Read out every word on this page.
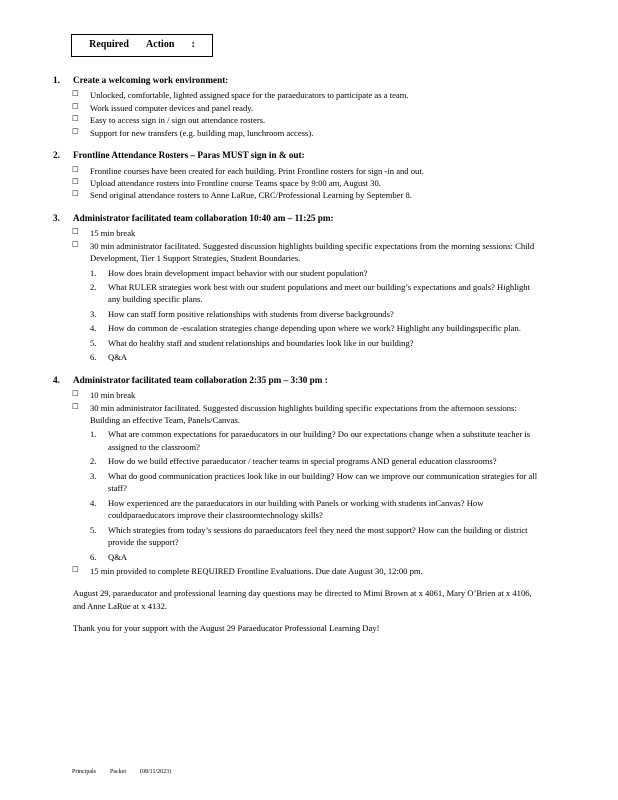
Required Action :
1.	Create a welcoming work environment:
☐ Unlocked, comfortable, lighted assigned space for the paraeducators to participate as a team.
☐ Work issued computer devices and panel ready.
☐ Easy to access sign in / sign out attendance rosters.
☐ Support for new transfers (e.g. building map, lunchroom access).
2.	Frontline Attendance Rosters – Paras MUST sign in & out:
☐ Frontline courses have been created for each building. Print Frontline rosters for sign -in and out.
☐ Upload attendance rosters into Frontline course Teams space by 9:00 am, August 30.
☐ Send original attendance rosters to Anne LaRue, CRC/Professional Learning by September 8.
3.	Administrator facilitated team collaboration 10:40 am – 11:25 pm:
☐ 15 min break
☐ 30 min administrator facilitated. Suggested discussion highlights building specific expectations from the morning sessions: Child Development, Tier 1 Support Strategies, Student Boundaries.
1.	How does brain development impact behavior with our student population?
2.	What RULER strategies work best with our student populations and meet our building’s expectations and goals? Highlight any building specific plans.
3.	How can staff form positive relationships with students from diverse backgrounds?
4.	How do common de -escalation strategies change depending upon where we work? Highlight any buildingspecific plan.
5.	What do healthy staff and student relationships and boundaries look like in our building?
6.	Q&A
4.	Administrator facilitated team collaboration 2:35 pm – 3:30 pm :
☐ 10 min break
☐ 30 min administrator facilitated. Suggested discussion highlights building specific expectations from the afternoon sessions: Building an effective Team, Panels/Canvas.
1.	What are common expectations for paraeducators in our building? Do our expectations change when a substitute teacher is assigned to the classroom?
2.	How do we build effective paraeducator / teacher teams in special programs AND general education classrooms?
3.	What do good communication practices look like in our building? How can we improve our communication strategies for all staff?
4.	How experienced are the paraeducators in our building with Panels or working with students inCanvas? How couldparaeducators improve their classroomtechnology skills?
5.	Which strategies from today’s sessions do paraeducators feel they need the most support? How can the building or district provide the support?
6.	Q&A
☐ 15 min provided to complete REQUIRED Frontline Evaluations. Due date August 30, 12:00 pm.

August 29, paraeducator and professional learning day questions may be directed to Mimi Brown at x 4061, Mary O’Brien at x 4106, and Anne LaRue at x 4132.

Thank you for your support with the August 29 Paraeducator Professional Learning Day!

Principals Packet (08/11/2023)
